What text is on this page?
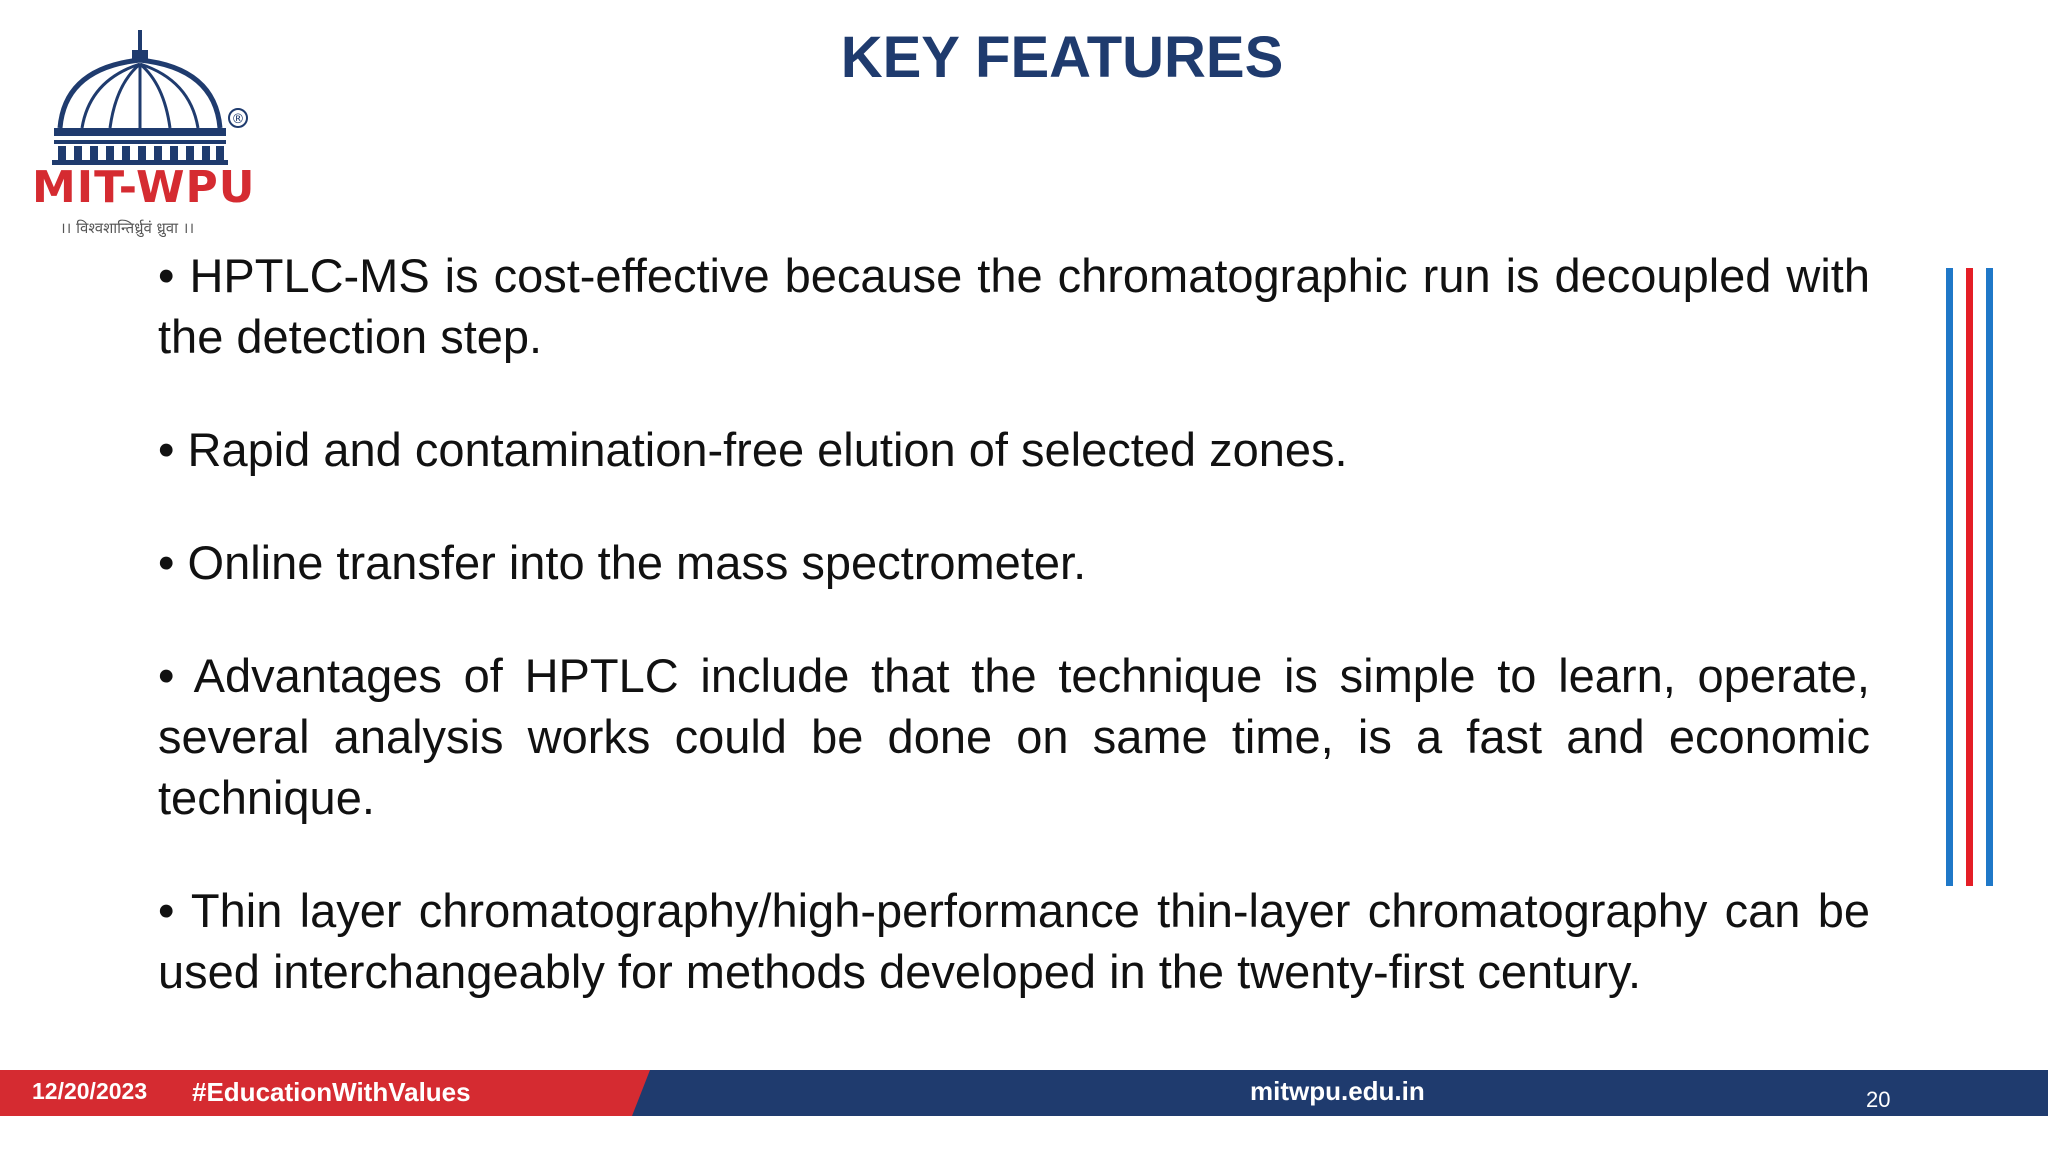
®
MIT-WPU
।। विश्वशान्तिर्ध्रुवं ध्रुवा ।।
KEY FEATURES

• HPTLC-MS is cost-effective because the chromatographic run is decoupled with the detection step.

• Rapid and contamination-free elution of selected zones.

• Online transfer into the mass spectrometer.

• Advantages of HPTLC include that the technique is simple to learn, operate, several analysis works could be done on same time, is a fast and economic technique.

• Thin layer chromatography/high-performance thin-layer chromatography can be used interchangeably for methods developed in the twenty-first century.

12/20/2023 #EducationWithValues	mitwpu.edu.in	20
